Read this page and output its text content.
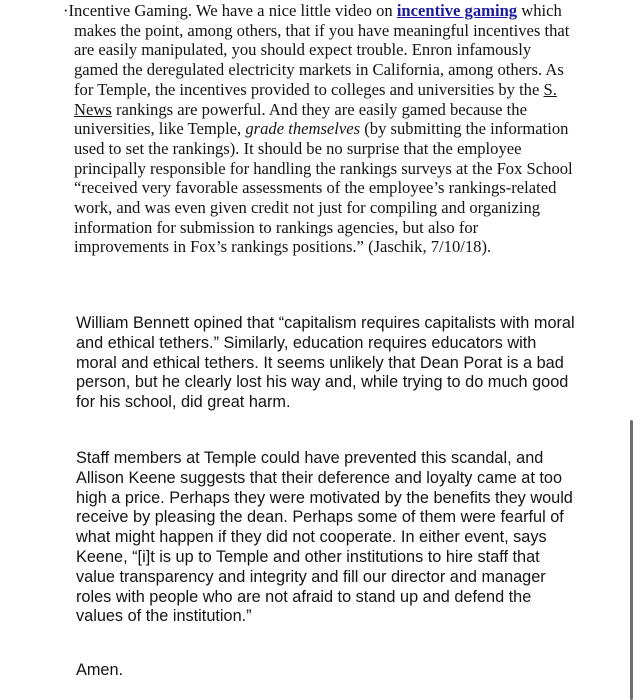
·Incentive Gaming. We have a nice little video on incentive gaming which makes the point, among others, that if you have meaningful incentives that are easily manipulated, you should expect trouble. Enron infamously gamed the deregulated electricity markets in California, among others. As for Temple, the incentives provided to colleges and universities by the S. News rankings are powerful. And they are easily gamed because the universities, like Temple, grade themselves (by submitting the information used to set the rankings). It should be no surprise that the employee principally responsible for handling the rankings surveys at the Fox School “received very favorable assessments of the employee’s rankings-related work, and was even given credit not just for compiling and organizing information for submission to rankings agencies, but also for improvements in Fox’s rankings positions.” (Jaschik, 7/10/18).

William Bennett opined that “capitalism requires capitalists with moral and ethical tethers.” Similarly, education requires educators with moral and ethical tethers. It seems unlikely that Dean Porat is a bad person, but he clearly lost his way and, while trying to do much good for his school, did great harm.

Staff members at Temple could have prevented this scandal, and Allison Keene suggests that their deference and loyalty came at too high a price. Perhaps they were motivated by the benefits they would receive by pleasing the dean. Perhaps some of them were fearful of what might happen if they did not cooperate. In either event, says Keene, “[i]t is up to Temple and other institutions to hire staff that value transparency and integrity and fill our director and manager roles with people who are not afraid to stand up and defend the values of the institution.”

Amen.
